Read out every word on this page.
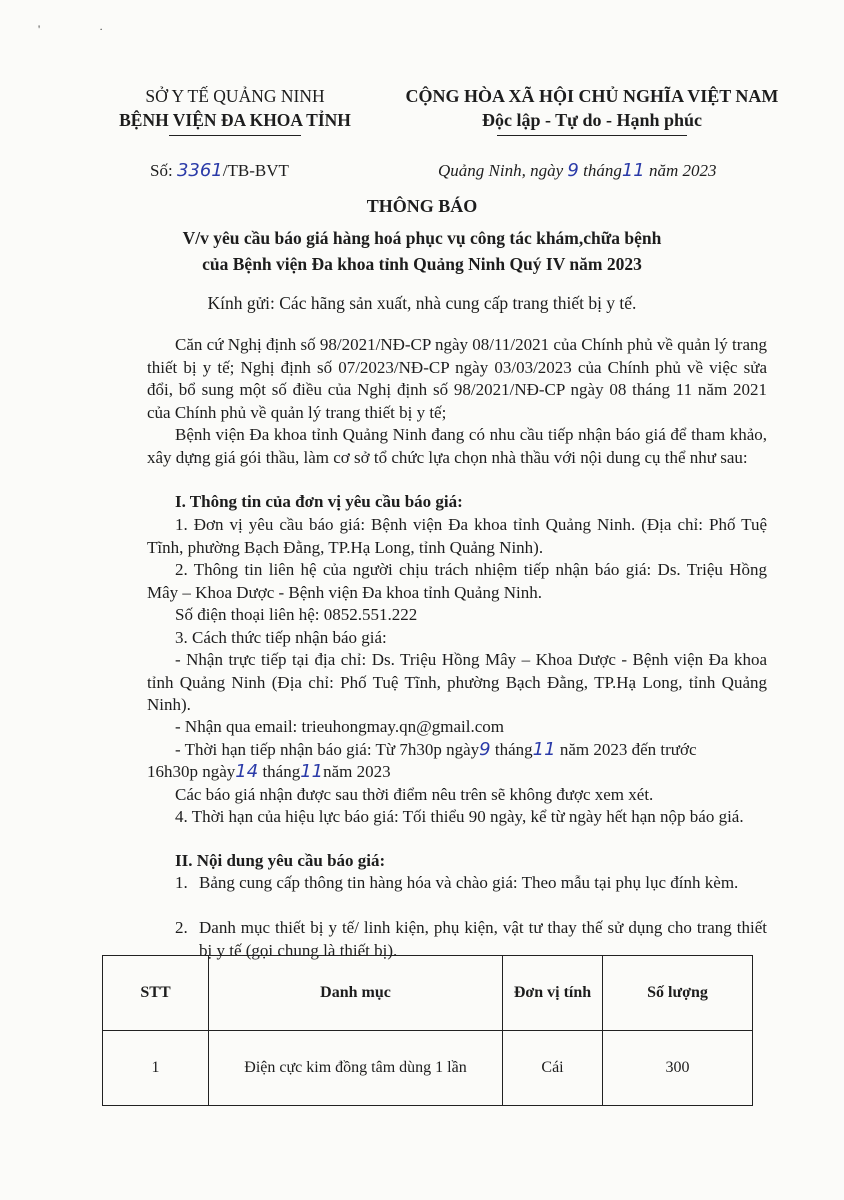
' ·
SỞ Y TẾ QUẢNG NINH
BỆNH VIỆN ĐA KHOA TỈNH
CỘNG HÒA XÃ HỘI CHỦ NGHĨA VIỆT NAM
Độc lập - Tự do - Hạnh phúc
Số: 3361/TB-BVT	Quảng Ninh, ngày 9 tháng11 năm 2023
THÔNG BÁO
V/v yêu cầu báo giá hàng hoá phục vụ công tác khám,chữa bệnh
của Bệnh viện Đa khoa tỉnh Quảng Ninh Quý IV năm 2023
Kính gửi: Các hãng sản xuất, nhà cung cấp trang thiết bị y tế.
Căn cứ Nghị định số 98/2021/NĐ-CP ngày 08/11/2021 của Chính phủ về quản lý trang thiết bị y tế; Nghị định số 07/2023/NĐ-CP ngày 03/03/2023 của Chính phủ về việc sửa đổi, bổ sung một số điều của Nghị định số 98/2021/NĐ-CP ngày 08 tháng 11 năm 2021 của Chính phủ về quản lý trang thiết bị y tế;
Bệnh viện Đa khoa tỉnh Quảng Ninh đang có nhu cầu tiếp nhận báo giá để tham khảo, xây dựng giá gói thầu, làm cơ sở tổ chức lựa chọn nhà thầu với nội dung cụ thể như sau:
I. Thông tin của đơn vị yêu cầu báo giá:
1. Đơn vị yêu cầu báo giá: Bệnh viện Đa khoa tỉnh Quảng Ninh. (Địa chỉ: Phố Tuệ Tĩnh, phường Bạch Đằng, TP.Hạ Long, tỉnh Quảng Ninh).
2. Thông tin liên hệ của người chịu trách nhiệm tiếp nhận báo giá: Ds. Triệu Hồng Mây – Khoa Dược - Bệnh viện Đa khoa tỉnh Quảng Ninh.
Số điện thoại liên hệ: 0852.551.222
3. Cách thức tiếp nhận báo giá:
- Nhận trực tiếp tại địa chỉ: Ds. Triệu Hồng Mây – Khoa Dược - Bệnh viện Đa khoa tỉnh Quảng Ninh (Địa chỉ: Phố Tuệ Tĩnh, phường Bạch Đằng, TP.Hạ Long, tỉnh Quảng Ninh).
- Nhận qua email: trieuhongmay.qn@gmail.com
- Thời hạn tiếp nhận báo giá: Từ 7h30p ngày9 tháng11 năm 2023 đến trước
16h30p ngày14 tháng11năm 2023
Các báo giá nhận được sau thời điểm nêu trên sẽ không được xem xét.
4. Thời hạn của hiệu lực báo giá: Tối thiểu 90 ngày, kể từ ngày hết hạn nộp báo giá.
II. Nội dung yêu cầu báo giá:
1. Bảng cung cấp thông tin hàng hóa và chào giá: Theo mẫu tại phụ lục đính kèm.
2. Danh mục thiết bị y tế/ linh kiện, phụ kiện, vật tư thay thế sử dụng cho trang thiết bị y tế (gọi chung là thiết bị).
STT	Danh mục	Đơn vị tính	Số lượng
1	Điện cực kim đồng tâm dùng 1 lần	Cái	300
